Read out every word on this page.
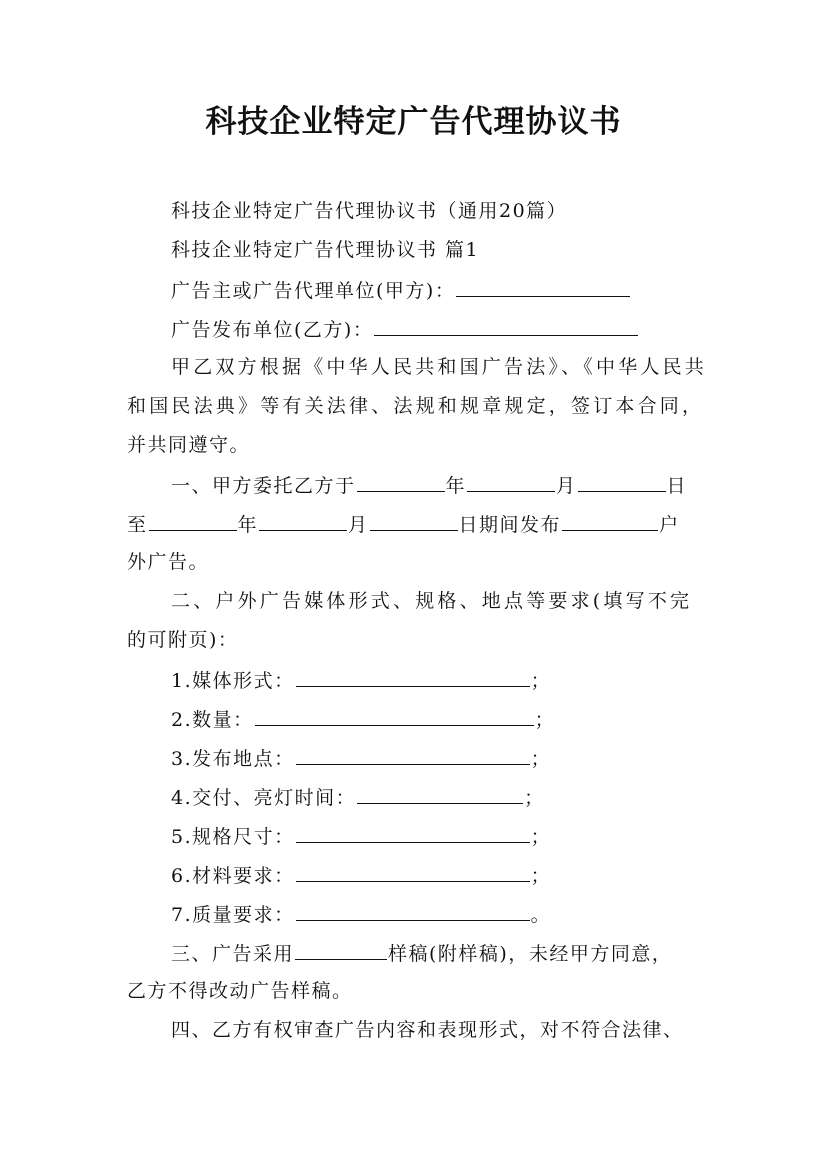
科技企业特定广告代理协议书
科技企业特定广告代理协议书（通用20篇）
科技企业特定广告代理协议书 篇1
广告主或广告代理单位(甲方)：
广告发布单位(乙方)：
甲乙双方根据《中华人民共和国广告法》、《中华人民共
和国民法典》等有关法律、法规和规章规定，签订本合同，
并共同遵守。
一、甲方委托乙方于	年	月	日
至	年	月	日期间发布	户
外广告。
二、户外广告媒体形式、规格、地点等要求(填写不完
的可附页)：
1.媒体形式：	；
2.数量：	；
3.发布地点：	；
4.交付、亮灯时间：	；
5.规格尺寸：	；
6.材料要求：	；
7.质量要求：	。
三、广告采用	样稿(附样稿)，未经甲方同意，
乙方不得改动广告样稿。
四、乙方有权审查广告内容和表现形式，对不符合法律、
